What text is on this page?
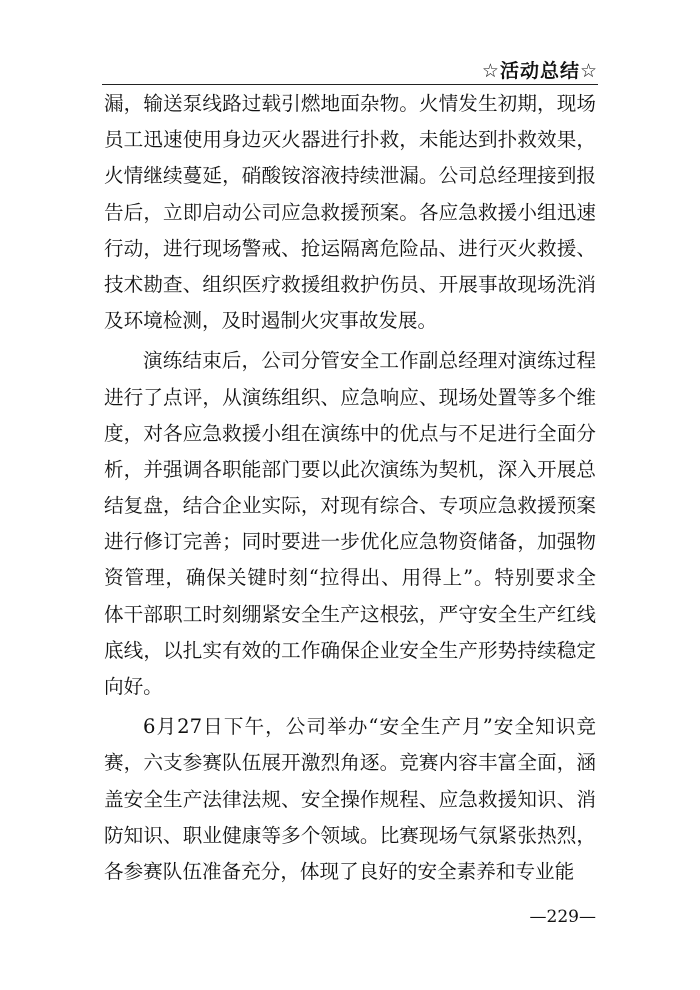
☆活动总结☆
漏，输送泵线路过载引燃地面杂物。火情发生初期，现场
员工迅速使用身边灭火器进行扑救，未能达到扑救效果，
火情继续蔓延，硝酸铵溶液持续泄漏。公司总经理接到报
告后，立即启动公司应急救援预案。各应急救援小组迅速
行动，进行现场警戒、抢运隔离危险品、进行灭火救援、
技术勘查、组织医疗救援组救护伤员、开展事故现场洗消
及环境检测，及时遏制火灾事故发展。
演练结束后，公司分管安全工作副总经理对演练过程
进行了点评，从演练组织、应急响应、现场处置等多个维
度，对各应急救援小组在演练中的优点与不足进行全面分
析，并强调各职能部门要以此次演练为契机，深入开展总
结复盘，结合企业实际，对现有综合、专项应急救援预案
进行修订完善；同时要进一步优化应急物资储备，加强物
资管理，确保关键时刻“拉得出、用得上”。特别要求全
体干部职工时刻绷紧安全生产这根弦，严守安全生产红线
底线，以扎实有效的工作确保企业安全生产形势持续稳定
向好。
6月27日下午，公司举办“安全生产月”安全知识竞
赛，六支参赛队伍展开激烈角逐。竞赛内容丰富全面，涵
盖安全生产法律法规、安全操作规程、应急救援知识、消
防知识、职业健康等多个领域。比赛现场气氛紧张热烈，
各参赛队伍准备充分，体现了良好的安全素养和专业能
—229—
